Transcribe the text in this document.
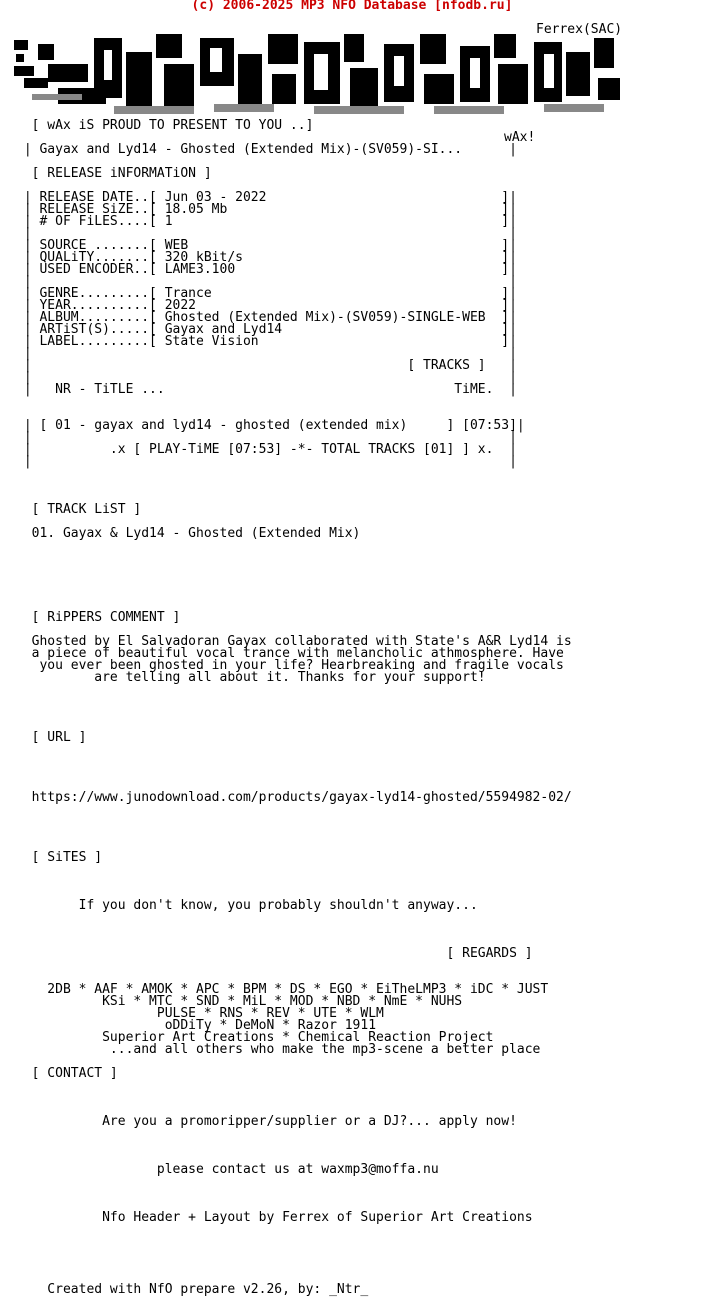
(c) 2006-2025 MP3 NFO Database [nfodb.ru]
Ferrex(SAC)
[ wAx iS PROUD TO PRESENT TO YOU ..]
| Gayax and Lyd14 - Ghosted (Extended Mix)-(SV059)-SI...      |
[ RELEASE iNFORMATiON ]
| RELEASE DATE..[ Jun 03 - 2022                              ]|
| RELEASE SiZE..[ 18.05 Mb                                   ]|
| # OF FiLES....[ 1                                          ]|
|                                                             |
| SOURCE .......[ WEB                                        ]|
| QUALiTY.......[ 320 kBit/s                                 ]|
| USED ENCODER..[ LAME3.100                                  ]|
|                                                             |
| GENRE.........[ Trance                                     ]|
| YEAR..........[ 2022                                       ]|
| ALBUM.........[ Ghosted (Extended Mix)-(SV059)-SINGLE-WEB  ]|
| ARTiST(S).....[ Gayax and Lyd14                            ]|
| LABEL.........[ State Vision                               ]|
|                                                             |
|                                                [ TRACKS ]   |
|                                                             |
|   NR - TiTLE ...                                     TiME.  |
| [ 01 - gayax and lyd14 - ghosted (extended mix)     ] [07:53]|
|                                                             |
|          .x [ PLAY-TiME [07:53] -*- TOTAL TRACKS [01] ] x.  |
|                                                             |
[ TRACK LiST ]
01. Gayax & Lyd14 - Ghosted (Extended Mix)
[ RiPPERS COMMENT ]
Ghosted by El Salvadoran Gayax collaborated with State's A&R Lyd14 is
a piece of beautiful vocal trance with melancholic athmosphere. Have
you ever been ghosted in your life? Hearbreaking and fragile vocals
are telling all about it. Thanks for your support!
[ URL ]
https://www.junodownload.com/products/gayax-lyd14-ghosted/5594982-02/
[ SiTES ]
If you don't know, you probably shouldn't anyway...
[ REGARDS ]
2DB * AAF * AMOK * APC * BPM * DS * EGO * EiTheLMP3 * iDC * JUST
KSi * MTC * SND * MiL * MOD * NBD * NmE * NUHS
PULSE * RNS * REV * UTE * WLM
oDDiTy * DeMoN * Razor 1911
Superior Art Creations * Chemical Reaction Project
...and all others who make the mp3-scene a better place
[ CONTACT ]
Are you a promoripper/supplier or a DJ?... apply now!
please contact us at waxmp3@moffa.nu
Nfo Header + Layout by Ferrex of Superior Art Creations
Created with NfO prepare v2.26, by: _Ntr_
wAx!
